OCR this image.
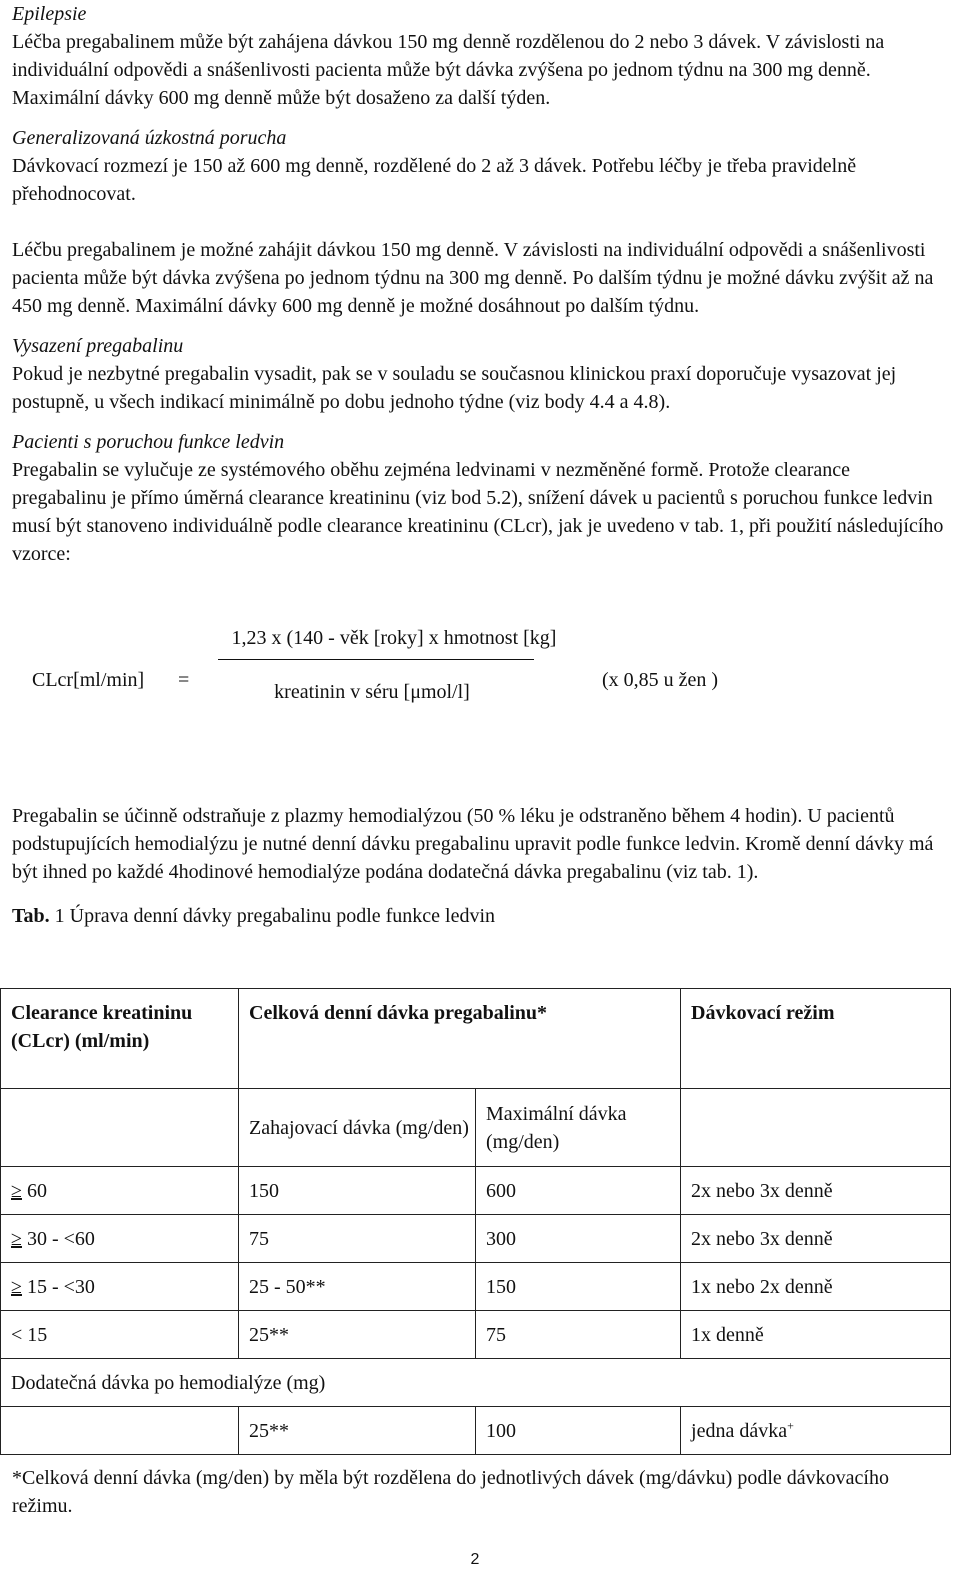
Epilepsie

Léčba pregabalinem může být zahájena dávkou 150 mg denně rozdělenou do 2 nebo 3 dávek. V závislosti na individuální odpovědi a snášenlivosti pacienta může být dávka zvýšena po jednom týdnu na 300 mg denně. Maximální dávky 600 mg denně může být dosaženo za další týden.

Generalizovaná úzkostná porucha

Dávkovací rozmezí je 150 až 600 mg denně, rozdělené do 2 až 3 dávek. Potřebu léčby je třeba pravidelně přehodnocovat.

Léčbu pregabalinem je možné zahájit dávkou 150 mg denně. V závislosti na individuální odpovědi a snášenlivosti pacienta může být dávka zvýšena po jednom týdnu na 300 mg denně. Po dalším týdnu je možné dávku zvýšit až na 450 mg denně. Maximální dávky 600 mg denně je možné dosáhnout po dalším týdnu.

Vysazení pregabalinu

Pokud je nezbytné pregabalin vysadit, pak se v souladu se současnou klinickou praxí doporučuje vysazovat jej postupně, u všech indikací minimálně po dobu jednoho týdne (viz body 4.4 a 4.8).

Pacienti s poruchou funkce ledvin

Pregabalin se vylučuje ze systémového oběhu zejména ledvinami v nezměněné formě. Protože clearance pregabalinu je přímo úměrná clearance kreatininu (viz bod 5.2), snížení dávek u pacientů s poruchou funkce ledvin musí být stanoveno individuálně podle clearance kreatininu (CLcr), jak je uvedeno v tab. 1, při použití následujícího vzorce:

CLcr[ml/min] =
1,23 x (140 - věk [roky] x hmotnost [kg]
kreatinin v séru [μmol/l]
(x 0,85 u žen )

Pregabalin se účinně odstraňuje z plazmy hemodialýzou (50 % léku je odstraněno během 4 hodin). U pacientů podstupujících hemodialýzu je nutné denní dávku pregabalinu upravit podle funkce ledvin. Kromě denní dávky má být ihned po každé 4hodinové hemodialýze podána dodatečná dávka pregabalinu (viz tab. 1).

Tab. 1 Úprava denní dávky pregabalinu podle funkce ledvin

Clearance kreatininu (CLcr) (ml/min)	Celková denní dávka pregabalinu*		Dávkovací režim
	Zahajovací dávka (mg/den)	Maximální dávka (mg/den)	
≥ 60	150	600	2x nebo 3x denně
≥ 30 - <60	75	300	2x nebo 3x denně
≥ 15 - <30	25 - 50**	150	1x nebo 2x denně
< 15	25**	75	1x denně
Dodatečná dávka po hemodialýze (mg)			
	25**	100	jedna dávka+

*Celková denní dávka (mg/den) by měla být rozdělena do jednotlivých dávek (mg/dávku) podle dávkovacího režimu.

2
